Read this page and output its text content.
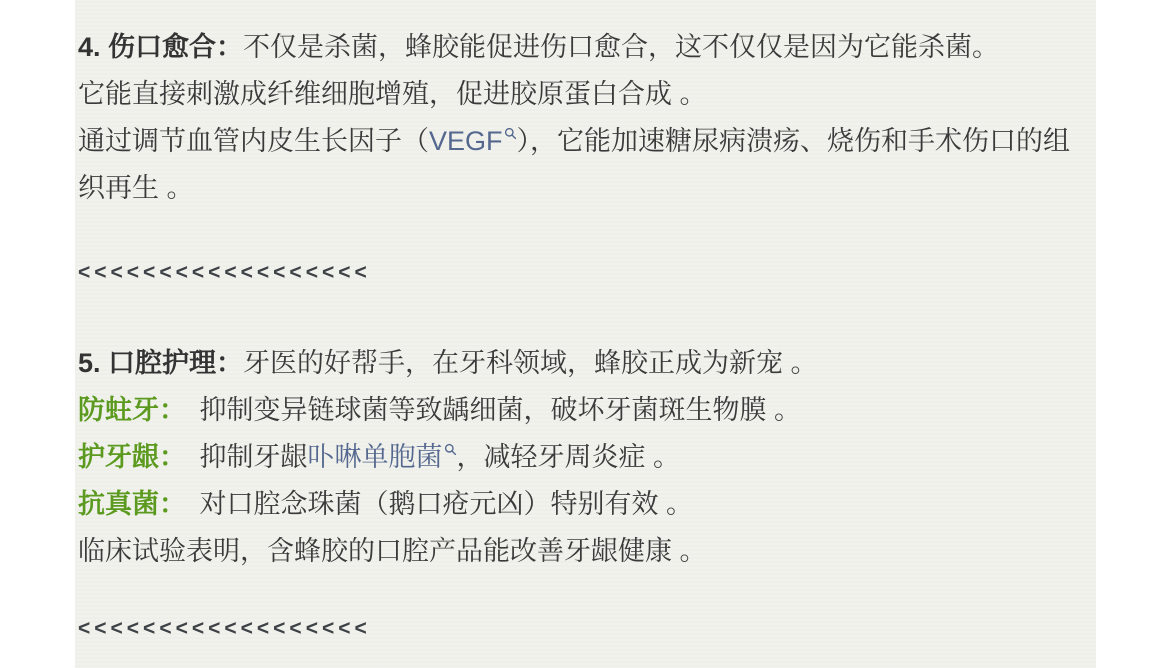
4. 伤口愈合：不仅是杀菌，蜂胶能促进伤口愈合，这不仅仅是因为它能杀菌。

它能直接刺激成纤维细胞增殖，促进胶原蛋白合成 。

通过调节血管内皮生长因子（VEGF ），它能加速糖尿病溃疡、烧伤和手术伤口的组织再生 。

<<<<<<<<<<<<<<<<<<

5. 口腔护理：牙医的好帮手，在牙科领域，蜂胶正成为新宠 。

防蛀牙：　抑制变异链球菌等致龋细菌，破坏牙菌斑生物膜 。

护牙龈：　抑制牙龈卟啉单胞菌 ，减轻牙周炎症 。

抗真菌：　对口腔念珠菌（鹅口疮元凶）特别有效 。

临床试验表明，含蜂胶的口腔产品能改善牙龈健康 。

<<<<<<<<<<<<<<<<<<
